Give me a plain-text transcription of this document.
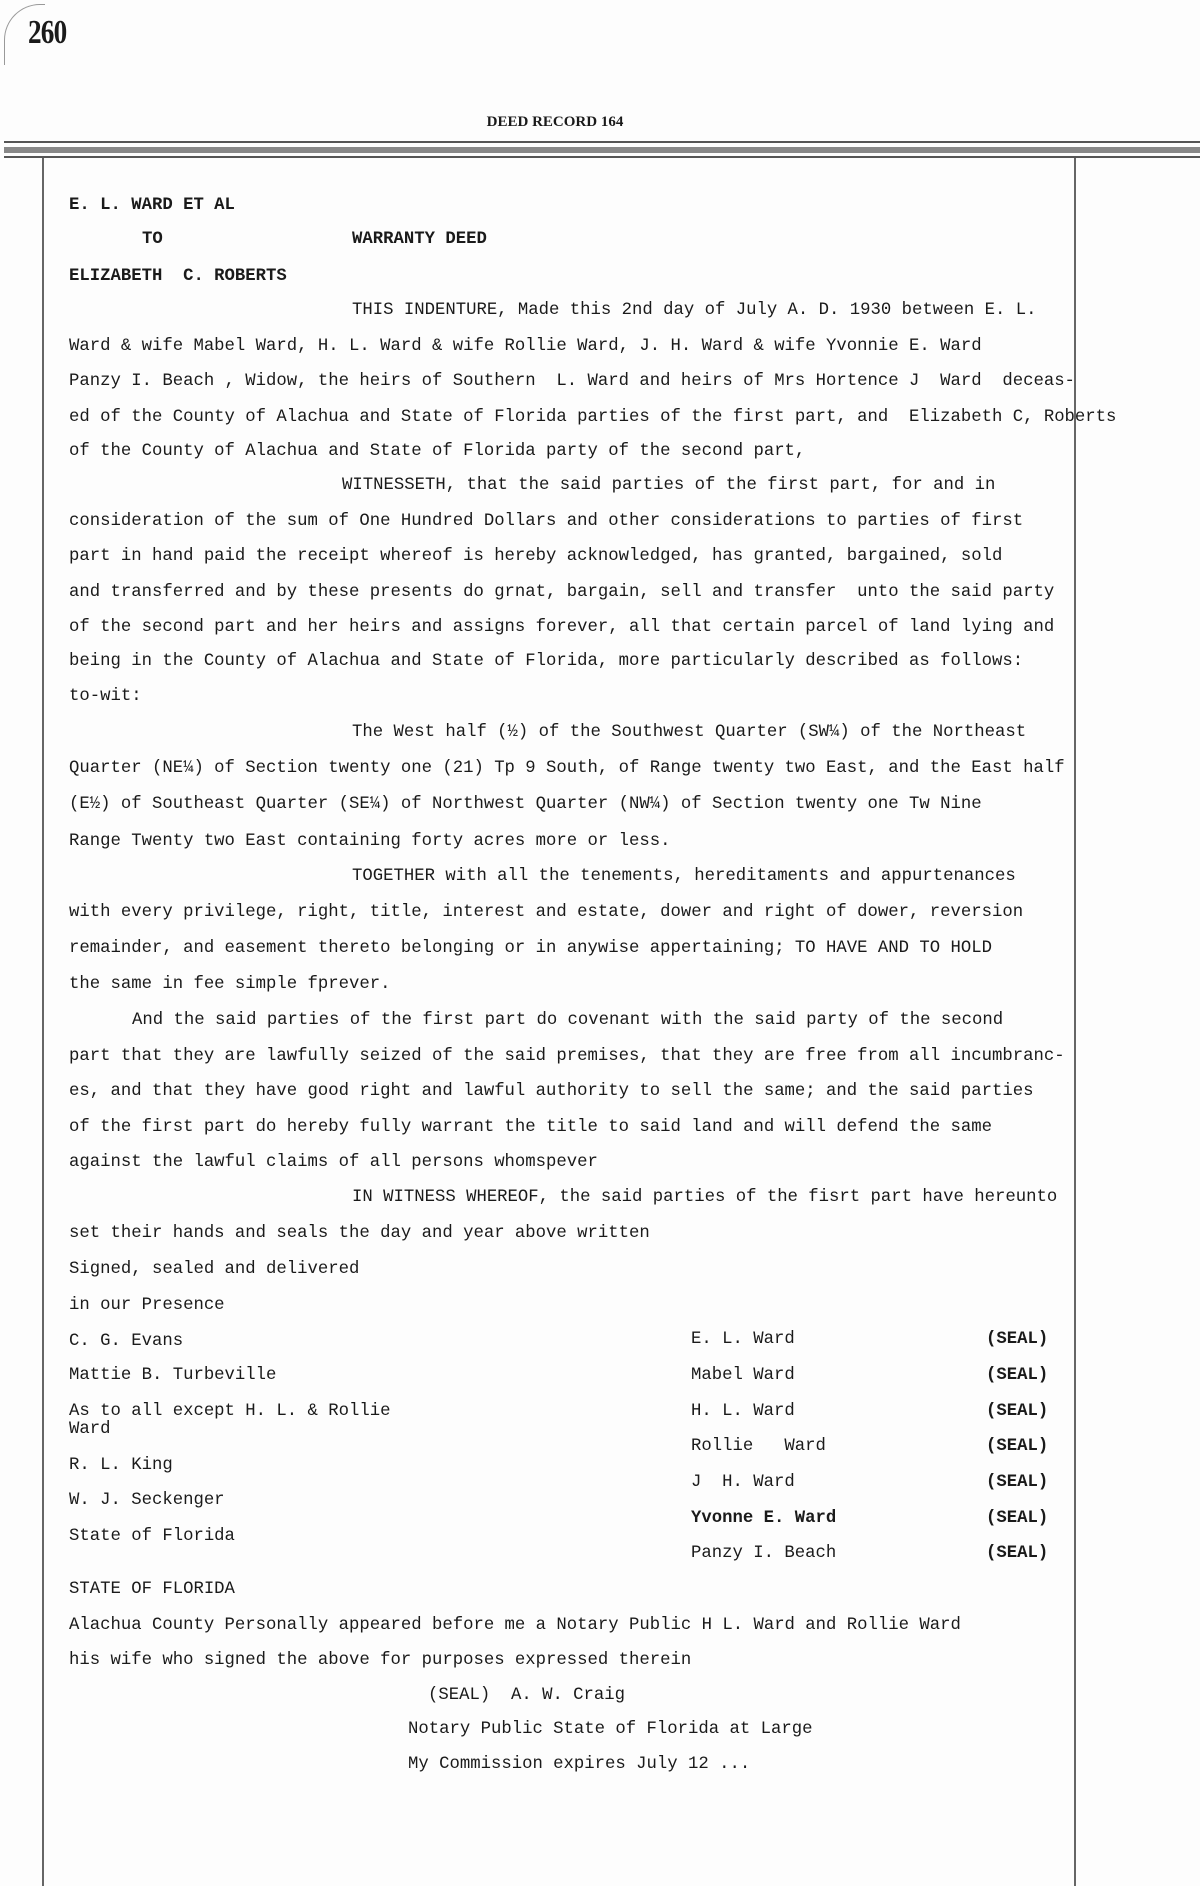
260
DEED RECORD 164
E. L. WARD ET AL
TO	WARRANTY DEED
ELIZABETH  C. ROBERTS
THIS INDENTURE, Made this 2nd day of July A. D. 1930 between E. L.
Ward & wife Mabel Ward, H. L. Ward & wife Rollie Ward, J. H. Ward & wife Yvonnie E. Ward
Panzy I. Beach , Widow, the heirs of Southern  L. Ward and heirs of Mrs Hortence J  Ward  deceas-
ed of the County of Alachua and State of Florida parties of the first part, and  Elizabeth C, Roberts
of the County of Alachua and State of Florida party of the second part,
WITNESSETH, that the said parties of the first part, for and in
consideration of the sum of One Hundred Dollars and other considerations to parties of first
part in hand paid the receipt whereof is hereby acknowledged, has granted, bargained, sold
and transferred and by these presents do grnat, bargain, sell and transfer  unto the said party
of the second part and her heirs and assigns forever, all that certain parcel of land lying and
being in the County of Alachua and State of Florida, more particularly described as follows:
to-wit:
The West half (½) of the Southwest Quarter (SW¼) of the Northeast
Quarter (NE¼) of Section twenty one (21) Tp 9 South, of Range twenty two East, and the East half
(E½) of Southeast Quarter (SE¼) of Northwest Quarter (NW¼) of Section twenty one Tw Nine
Range Twenty two East containing forty acres more or less.
TOGETHER with all the tenements, hereditaments and appurtenances
with every privilege, right, title, interest and estate, dower and right of dower, reversion
remainder, and easement thereto belonging or in anywise appertaining; TO HAVE AND TO HOLD
the same in fee simple fprever.
And the said parties of the first part do covenant with the said party of the second
part that they are lawfully seized of the said premises, that they are free from all incumbranc-
es, and that they have good right and lawful authority to sell the same; and the said parties
of the first part do hereby fully warrant the title to said land and will defend the same
against the lawful claims of all persons whomspever
IN WITNESS WHEREOF, the said parties of the fisrt part have hereunto
set their hands and seals the day and year above written
Signed, sealed and delivered
in our Presence
C. G. Evans
Mattie B. Turbeville
As to all except H. L. & Rollie
Ward
R. L. King
W. J. Seckenger
State of Florida
E. L. Ward
Mabel Ward
H. L. Ward
Rollie   Ward
J  H. Ward
Yvonne E. Ward
Panzy I. Beach
(SEAL)
(SEAL)
(SEAL)
(SEAL)
(SEAL)
(SEAL)
(SEAL)
STATE OF FLORIDA
Alachua County Personally appeared before me a Notary Public H L. Ward and Rollie Ward
his wife who signed the above for purposes expressed therein
(SEAL)  A. W. Craig
Notary Public State of Florida at Large
My Commission expires July 12 ...
